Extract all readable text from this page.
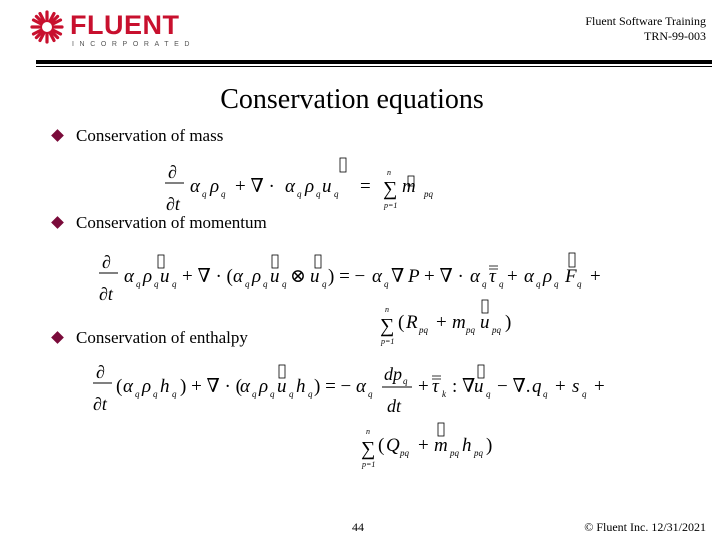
FLUENT
INCORPORATED
Fluent Software Training
TRN-99-003
Conservation equations
Conservation of mass
Conservation of momentum
Conservation of enthalpy
∂
∂t
α q ρ q + ∇ · α q ρ q u q =
n
∑
p=1
m pq
∂
∂t
α q ρ q u q + ∇ · ( α q ρ q u q ⊗ u q ) = − α q ∇ P + ∇ · α q τ q + α q ρ q F q +
n
∑
p=1
( R pq + m pq u pq )
∂
∂t
( α q ρ q h q ) + ∇ · (
α q ρ q u q h q ) = − α q
dp q
dt
+ τ k : ∇
u q − ∇. q q + s q +
n
∑
p=1
( Q pq + m pq h pq )
44	© Fluent Inc. 12/31/2021
